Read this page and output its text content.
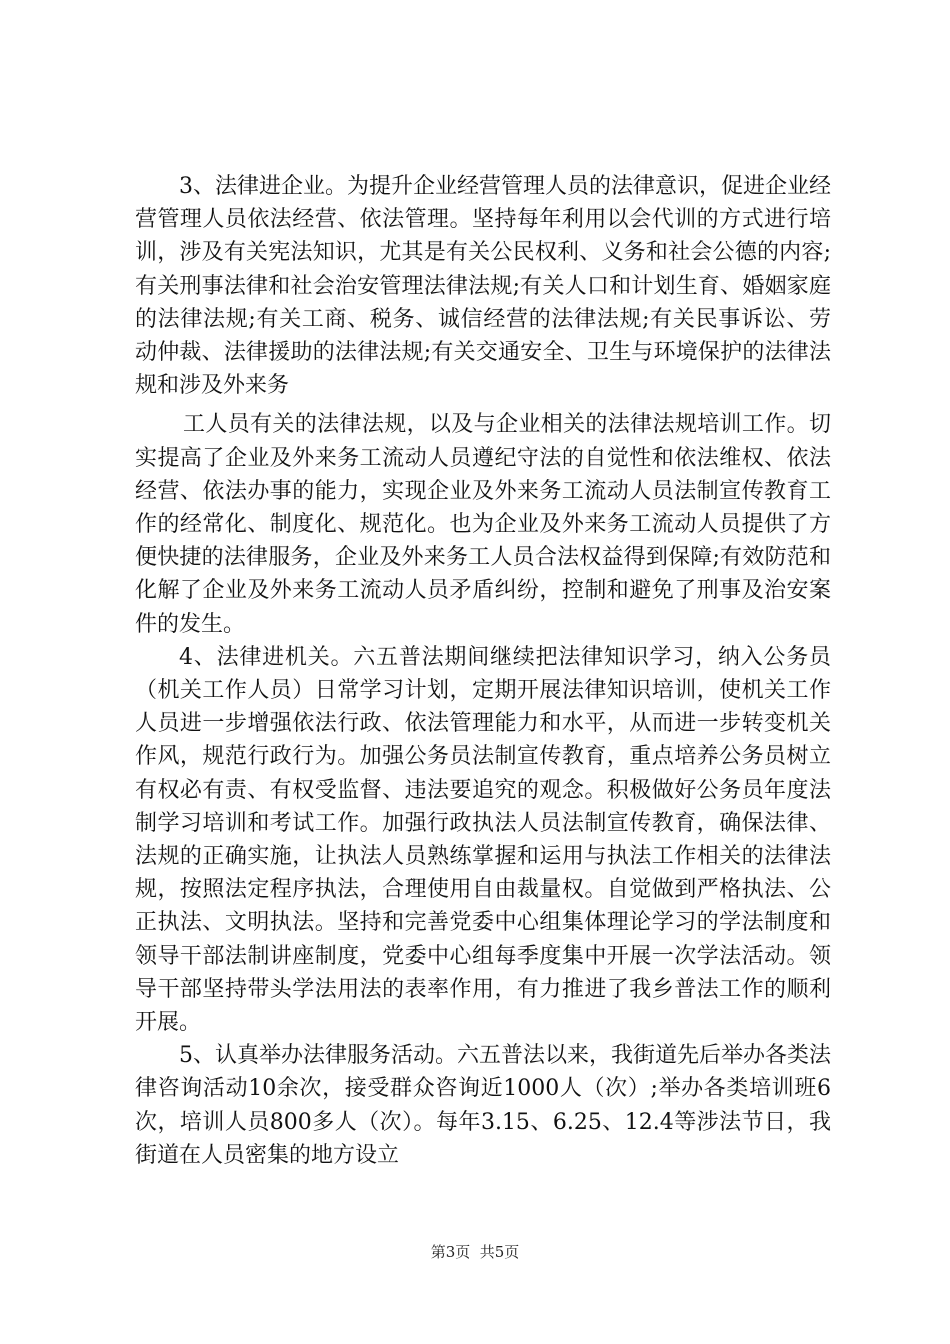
3、法律进企业。为提升企业经营管理人员的法律意识，促进企业经营管理人员依法经营、依法管理。坚持每年利用以会代训的方式进行培训，涉及有关宪法知识，尤其是有关公民权利、义务和社会公德的内容;有关刑事法律和社会治安管理法律法规;有关人口和计划生育、婚姻家庭的法律法规;有关工商、税务、诚信经营的法律法规;有关民事诉讼、劳动仲裁、法律援助的法律法规;有关交通安全、卫生与环境保护的法律法规和涉及外来务

工人员有关的法律法规，以及与企业相关的法律法规培训工作。切实提高了企业及外来务工流动人员遵纪守法的自觉性和依法维权、依法经营、依法办事的能力，实现企业及外来务工流动人员法制宣传教育工作的经常化、制度化、规范化。也为企业及外来务工流动人员提供了方便快捷的法律服务，企业及外来务工人员合法权益得到保障;有效防范和化解了企业及外来务工流动人员矛盾纠纷，控制和避免了刑事及治安案件的发生。

4、法律进机关。六五普法期间继续把法律知识学习，纳入公务员（机关工作人员）日常学习计划，定期开展法律知识培训，使机关工作人员进一步增强依法行政、依法管理能力和水平，从而进一步转变机关作风，规范行政行为。加强公务员法制宣传教育，重点培养公务员树立有权必有责、有权受监督、违法要追究的观念。积极做好公务员年度法制学习培训和考试工作。加强行政执法人员法制宣传教育，确保法律、法规的正确实施，让执法人员熟练掌握和运用与执法工作相关的法律法规，按照法定程序执法，合理使用自由裁量权。自觉做到严格执法、公正执法、文明执法。坚持和完善党委中心组集体理论学习的学法制度和领导干部法制讲座制度，党委中心组每季度集中开展一次学法活动。领导干部坚持带头学法用法的表率作用，有力推进了我乡普法工作的顺利开展。

5、认真举办法律服务活动。六五普法以来，我街道先后举办各类法律咨询活动10余次，接受群众咨询近1000人（次）;举办各类培训班6次，培训人员800多人（次）。每年3.15、6.25、12.4等涉法节日，我街道在人员密集的地方设立

第3页  共5页
